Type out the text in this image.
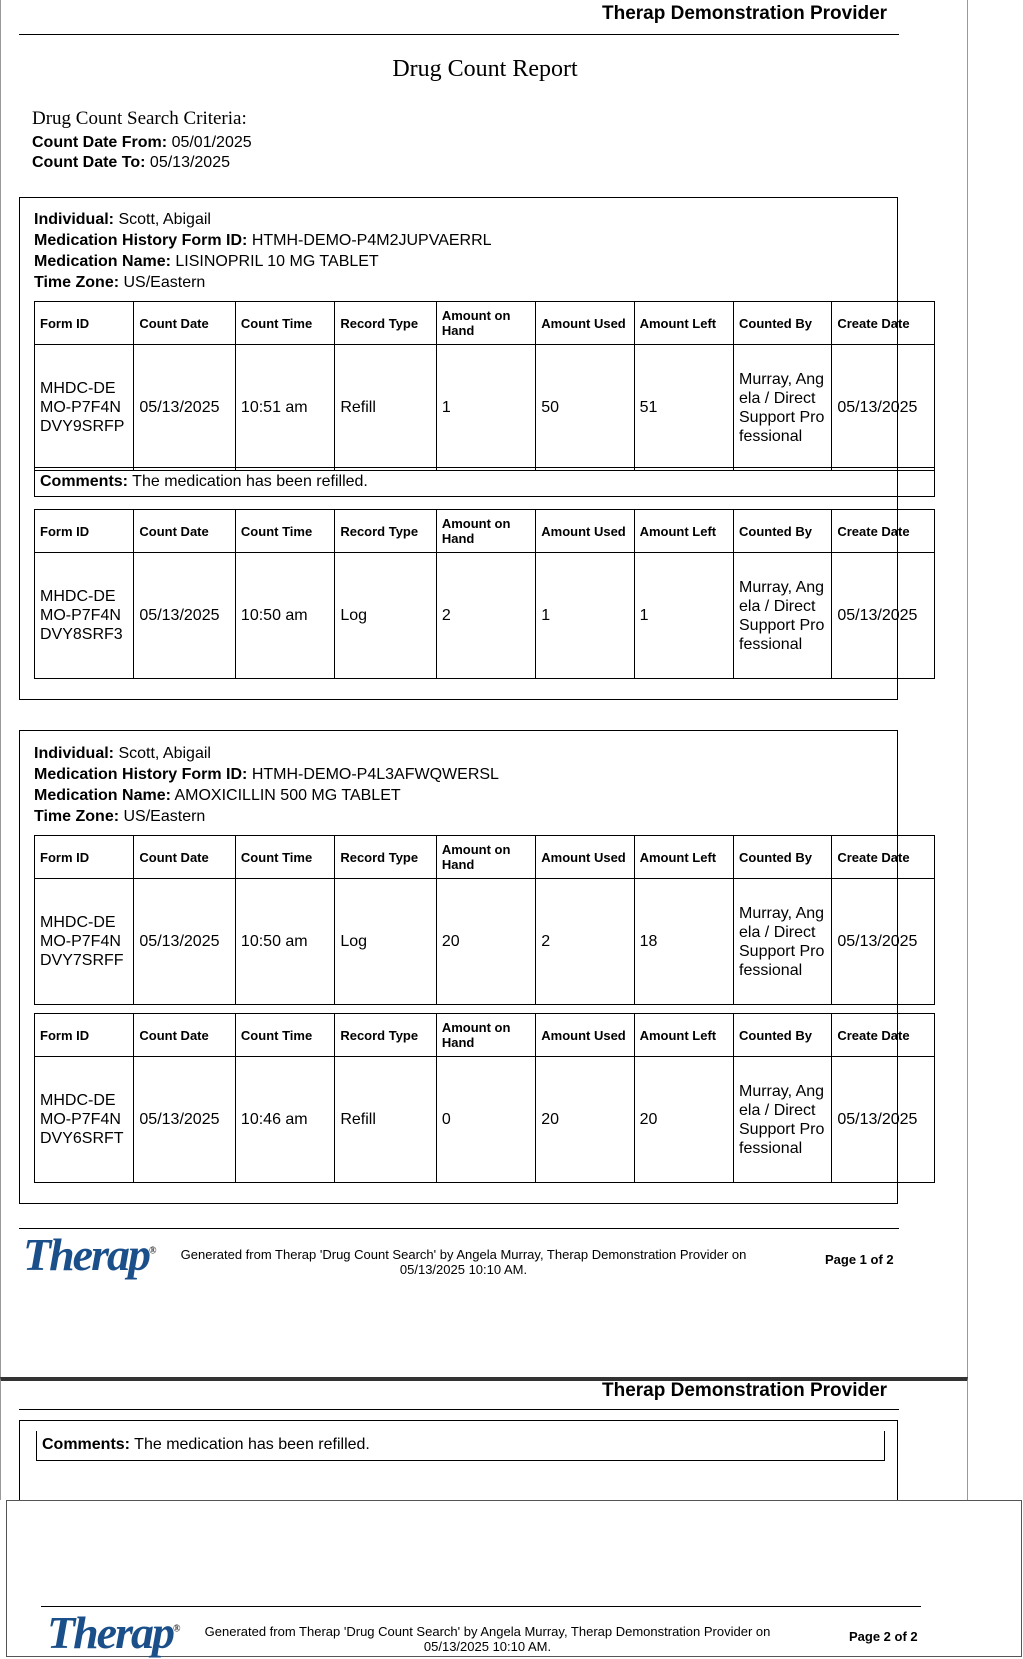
Therap Demonstration Provider
Drug Count Report
Drug Count Search Criteria:
Count Date From: 05/01/2025
Count Date To: 05/13/2025
Individual: Scott, Abigail
Medication History Form ID: HTMH-DEMO-P4M2JUPVAERRL
Medication Name: LISINOPRIL 10 MG TABLET
Time Zone: US/Eastern
Form ID	Count Date	Count Time	Record Type	Amount on Hand	Amount Used	Amount Left	Counted By	Create Date
MHDC-DEMO-P7F4NDVY9SRFP	05/13/2025	10:51 am	Refill	1	50	51	Murray, Angela / Direct Support Professional	05/13/2025
Comments: The medication has been refilled.
Form ID	Count Date	Count Time	Record Type	Amount on Hand	Amount Used	Amount Left	Counted By	Create Date
MHDC-DEMO-P7F4NDVY8SRF3	05/13/2025	10:50 am	Log	2	1	1	Murray, Angela / Direct Support Professional	05/13/2025
Individual: Scott, Abigail
Medication History Form ID: HTMH-DEMO-P4L3AFWQWERSL
Medication Name: AMOXICILLIN 500 MG TABLET
Time Zone: US/Eastern
Form ID	Count Date	Count Time	Record Type	Amount on Hand	Amount Used	Amount Left	Counted By	Create Date
MHDC-DEMO-P7F4NDVY7SRFF	05/13/2025	10:50 am	Log	20	2	18	Murray, Angela / Direct Support Professional	05/13/2025
Form ID	Count Date	Count Time	Record Type	Amount on Hand	Amount Used	Amount Left	Counted By	Create Date
MHDC-DEMO-P7F4NDVY6SRFT	05/13/2025	10:46 am	Refill	0	20	20	Murray, Angela / Direct Support Professional	05/13/2025
Therap®	Generated from Therap 'Drug Count Search' by Angela Murray, Therap Demonstration Provider on
05/13/2025 10:10 AM.
Page 1 of 2
Therap Demonstration Provider
Comments: The medication has been refilled.
Therap®	Generated from Therap 'Drug Count Search' by Angela Murray, Therap Demonstration Provider on
05/13/2025 10:10 AM.
Page 2 of 2
